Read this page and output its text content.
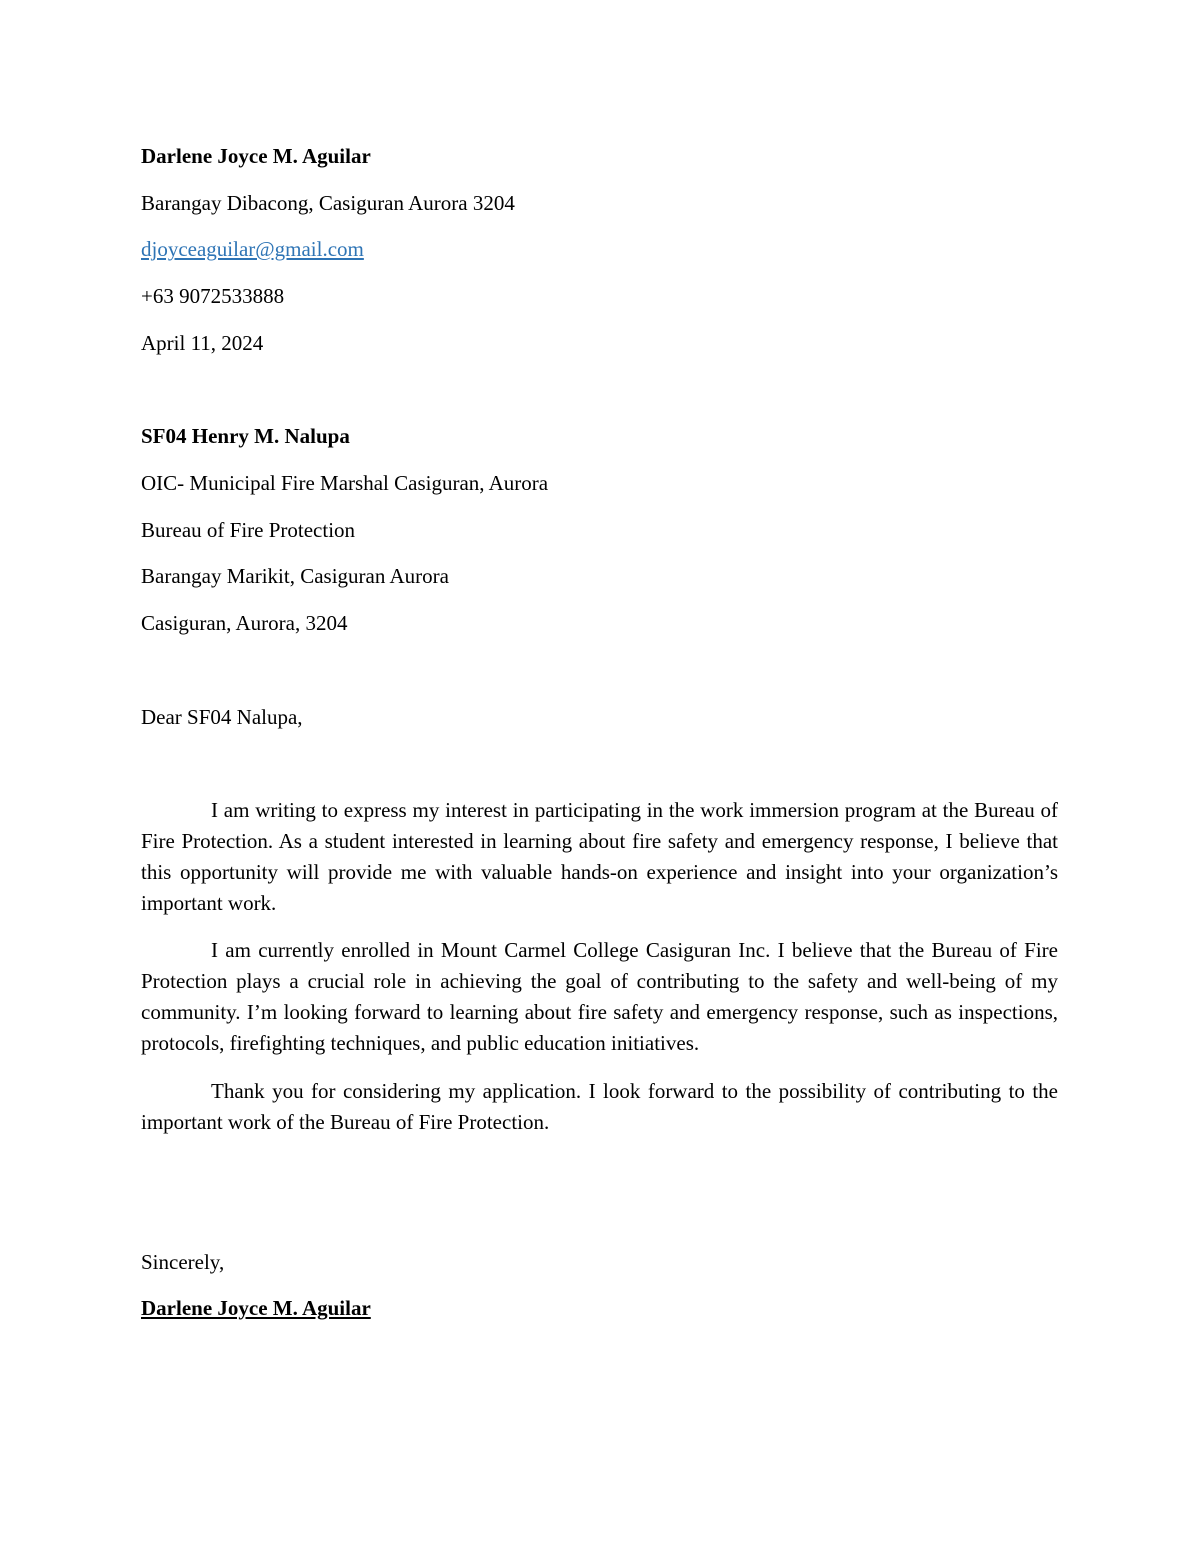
Darlene Joyce M. Aguilar
Barangay Dibacong, Casiguran Aurora 3204
djoyceaguilar@gmail.com
+63 9072533888
April 11, 2024
SF04 Henry M. Nalupa
OIC- Municipal Fire Marshal Casiguran, Aurora
Bureau of Fire Protection
Barangay Marikit, Casiguran Aurora
Casiguran, Aurora, 3204
Dear SF04 Nalupa,

I am writing to express my interest in participating in the work immersion program at the Bureau of Fire Protection. As a student interested in learning about fire safety and emergency response, I believe that this opportunity will provide me with valuable hands-on experience and insight into your organization’s important work.

I am currently enrolled in Mount Carmel College Casiguran Inc. I believe that the Bureau of Fire Protection plays a crucial role in achieving the goal of contributing to the safety and well-being of my community. I’m looking forward to learning about fire safety and emergency response, such as inspections, protocols, firefighting techniques, and public education initiatives.

Thank you for considering my application. I look forward to the possibility of contributing to the important work of the Bureau of Fire Protection.

Sincerely,
Darlene Joyce M. Aguilar
